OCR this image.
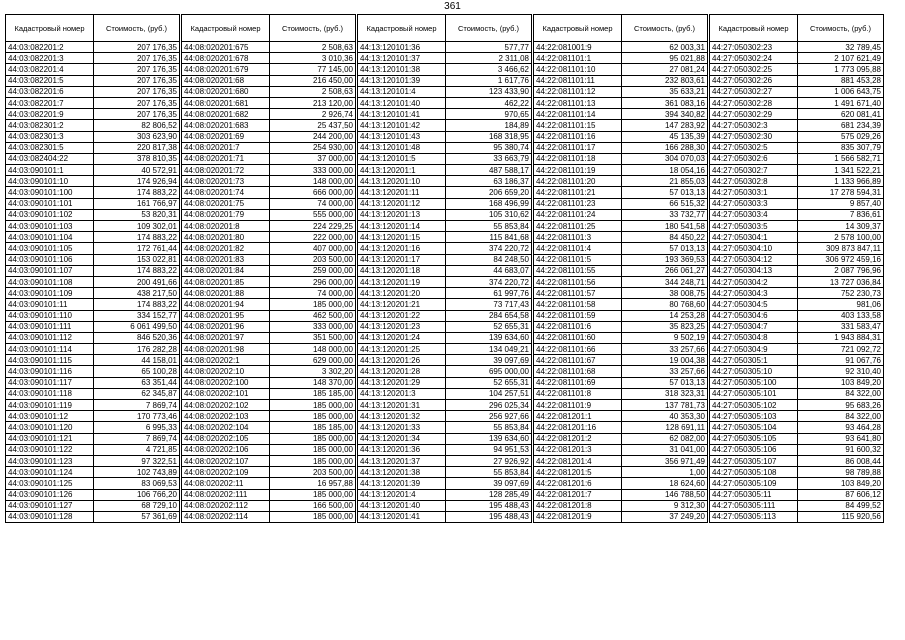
361
Кадастровый номер	Стоимость, (руб.)
44:03:082201:2	207 176,35
44:03:082201:3	207 176,35
44:03:082201:4	207 176,35
44:03:082201:5	207 176,35
44:03:082201:6	207 176,35
44:03:082201:7	207 176,35
44:03:082201:9	207 176,35
44:03:082301:2	82 806,52
44:03:082301:3	303 623,90
44:03:082301:5	220 817,38
44:03:082404:22	378 810,35
44:03:090101:1	40 572,91
44:03:090101:10	174 926,94
44:03:090101:100	174 883,22
44:03:090101:101	161 766,97
44:03:090101:102	53 820,31
44:03:090101:103	109 302,01
44:03:090101:104	174 883,22
44:03:090101:105	172 761,44
44:03:090101:106	153 022,81
44:03:090101:107	174 883,22
44:03:090101:108	200 491,66
44:03:090101:109	438 217,50
44:03:090101:11	174 883,22
44:03:090101:110	334 152,77
44:03:090101:111	6 061 499,50
44:03:090101:112	846 520,36
44:03:090101:114	176 282,28
44:03:090101:115	44 158,01
44:03:090101:116	65 100,28
44:03:090101:117	63 351,44
44:03:090101:118	62 345,87
44:03:090101:119	7 869,74
44:03:090101:12	170 773,46
44:03:090101:120	6 995,33
44:03:090101:121	7 869,74
44:03:090101:122	4 721,85
44:03:090101:123	97 322,51
44:03:090101:124	102 743,89
44:03:090101:125	83 069,53
44:03:090101:126	106 766,20
44:03:090101:127	68 729,10
44:03:090101:128	57 361,69
Кадастровый номер	Стоимость, (руб.)
44:08:020201:675	2 508,63
44:08:020201:678	3 010,36
44:08:020201:679	77 145,00
44:08:020201:68	216 450,00
44:08:020201:680	2 508,63
44:08:020201:681	213 120,00
44:08:020201:682	2 926,74
44:08:020201:683	25 437,50
44:08:020201:69	244 200,00
44:08:020201:7	254 930,00
44:08:020201:71	37 000,00
44:08:020201:72	333 000,00
44:08:020201:73	148 000,00
44:08:020201:74	666 000,00
44:08:020201:75	74 000,00
44:08:020201:79	555 000,00
44:08:020201:8	224 229,25
44:08:020201:80	222 000,00
44:08:020201:82	407 000,00
44:08:020201:83	203 500,00
44:08:020201:84	259 000,00
44:08:020201:85	296 000,00
44:08:020201:88	74 000,00
44:08:020201:94	185 000,00
44:08:020201:95	462 500,00
44:08:020201:96	333 000,00
44:08:020201:97	351 500,00
44:08:020201:98	148 000,00
44:08:020202:1	629 000,00
44:08:020202:10	3 302,20
44:08:020202:100	148 370,00
44:08:020202:101	185 185,00
44:08:020202:102	185 000,00
44:08:020202:103	185 000,00
44:08:020202:104	185 185,00
44:08:020202:105	185 000,00
44:08:020202:106	185 000,00
44:08:020202:107	185 000,00
44:08:020202:109	203 500,00
44:08:020202:11	16 957,88
44:08:020202:111	185 000,00
44:08:020202:112	166 500,00
44:08:020202:114	185 000,00
Кадастровый номер	Стоимость, (руб.)
44:13:120101:36	577,77
44:13:120101:37	2 311,08
44:13:120101:38	3 466,62
44:13:120101:39	1 617,76
44:13:120101:4	123 433,90
44:13:120101:40	462,22
44:13:120101:41	970,65
44:13:120101:42	184,89
44:13:120101:43	168 318,95
44:13:120101:48	95 380,74
44:13:120101:5	33 663,79
44:13:120201:1	487 588,17
44:13:120201:10	63 186,37
44:13:120201:11	206 659,20
44:13:120201:12	168 496,99
44:13:120201:13	105 310,62
44:13:120201:14	55 853,84
44:13:120201:15	115 841,68
44:13:120201:16	374 220,72
44:13:120201:17	84 248,50
44:13:120201:18	44 683,07
44:13:120201:19	374 220,72
44:13:120201:20	61 997,76
44:13:120201:21	73 717,43
44:13:120201:22	284 654,58
44:13:120201:23	52 655,31
44:13:120201:24	139 634,60
44:13:120201:25	134 049,21
44:13:120201:26	39 097,69
44:13:120201:28	695 000,00
44:13:120201:29	52 655,31
44:13:120201:3	104 257,51
44:13:120201:31	296 025,34
44:13:120201:32	256 927,66
44:13:120201:33	55 853,84
44:13:120201:34	139 634,60
44:13:120201:36	94 951,53
44:13:120201:37	27 926,92
44:13:120201:38	55 853,84
44:13:120201:39	39 097,69
44:13:120201:4	128 285,49
44:13:120201:40	195 488,43
44:13:120201:41	195 488,43
Кадастровый номер	Стоимость, (руб.)
44:22:081001:9	62 003,31
44:22:081101:1	95 021,88
44:22:081101:10	27 081,24
44:22:081101:11	232 803,61
44:22:081101:12	35 633,21
44:22:081101:13	361 083,16
44:22:081101:14	394 340,82
44:22:081101:15	147 283,92
44:22:081101:16	45 135,39
44:22:081101:17	166 288,30
44:22:081101:18	304 070,03
44:22:081101:19	18 054,16
44:22:081101:20	21 855,03
44:22:081101:21	57 013,13
44:22:081101:23	66 515,32
44:22:081101:24	33 732,77
44:22:081101:25	180 541,58
44:22:081101:3	84 450,22
44:22:081101:4	57 013,13
44:22:081101:5	193 369,53
44:22:081101:55	266 061,27
44:22:081101:56	344 248,71
44:22:081101:57	38 008,75
44:22:081101:58	80 768,60
44:22:081101:59	14 253,28
44:22:081101:6	35 823,25
44:22:081101:60	9 502,19
44:22:081101:66	33 257,66
44:22:081101:67	19 004,38
44:22:081101:68	33 257,66
44:22:081101:69	57 013,13
44:22:081101:8	318 323,31
44:22:081101:9	137 781,73
44:22:081201:1	40 353,30
44:22:081201:16	128 691,11
44:22:081201:2	62 082,00
44:22:081201:3	31 041,00
44:22:081201:4	356 971,49
44:22:081201:5	1,00
44:22:081201:6	18 624,60
44:22:081201:7	146 788,50
44:22:081201:8	9 312,30
44:22:081201:9	37 249,20
Кадастровый номер	Стоимость, (руб.)
44:27:050302:23	32 789,45
44:27:050302:24	2 107 621,49
44:27:050302:25	1 773 095,88
44:27:050302:26	881 453,28
44:27:050302:27	1 006 643,75
44:27:050302:28	1 491 671,40
44:27:050302:29	620 081,41
44:27:050302:3	681 234,39
44:27:050302:30	575 029,26
44:27:050302:5	835 307,79
44:27:050302:6	1 566 582,71
44:27:050302:7	1 341 522,21
44:27:050302:8	1 133 966,89
44:27:050303:1	17 278 594,31
44:27:050303:3	9 857,40
44:27:050303:4	7 836,61
44:27:050303:5	14 309,37
44:27:050304:1	2 578 100,00
44:27:050304:10	309 873 847,11
44:27:050304:12	306 972 459,16
44:27:050304:13	2 087 796,96
44:27:050304:2	13 727 036,84
44:27:050304:3	752 230,73
44:27:050304:5	981,06
44:27:050304:6	403 133,58
44:27:050304:7	331 583,47
44:27:050304:8	1 943 884,31
44:27:050304:9	721 092,72
44:27:050305:1	91 067,76
44:27:050305:10	92 310,40
44:27:050305:100	103 849,20
44:27:050305:101	84 322,00
44:27:050305:102	95 683,26
44:27:050305:103	84 322,00
44:27:050305:104	93 464,28
44:27:050305:105	93 641,80
44:27:050305:106	91 600,32
44:27:050305:107	86 008,44
44:27:050305:108	98 789,88
44:27:050305:109	103 849,20
44:27:050305:11	87 606,12
44:27:050305:111	84 499,52
44:27:050305:113	115 920,56
